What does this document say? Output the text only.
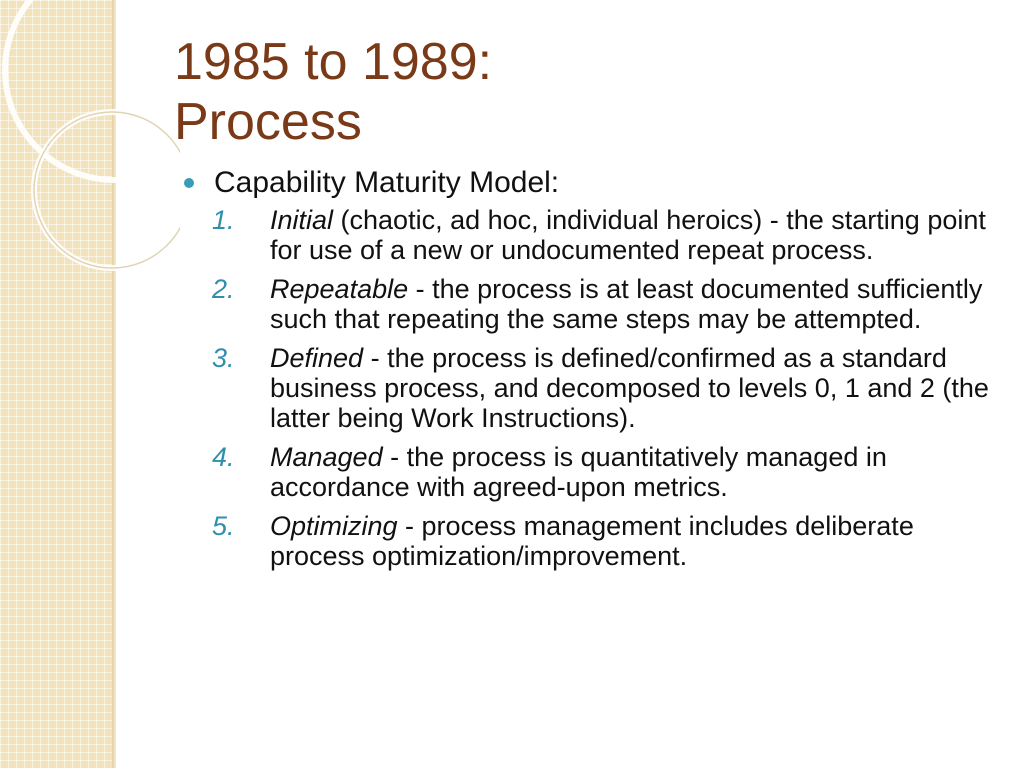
1985 to 1989:
Process
Capability Maturity Model:
1. Initial (chaotic, ad hoc, individual heroics) - the starting point for use of a new or undocumented repeat process.
2. Repeatable - the process is at least documented sufficiently such that repeating the same steps may be attempted.
3. Defined - the process is defined/confirmed as a standard business process, and decomposed to levels 0, 1 and 2 (the latter being Work Instructions).
4. Managed - the process is quantitatively managed in accordance with agreed-upon metrics.
5. Optimizing - process management includes deliberate process optimization/improvement.
